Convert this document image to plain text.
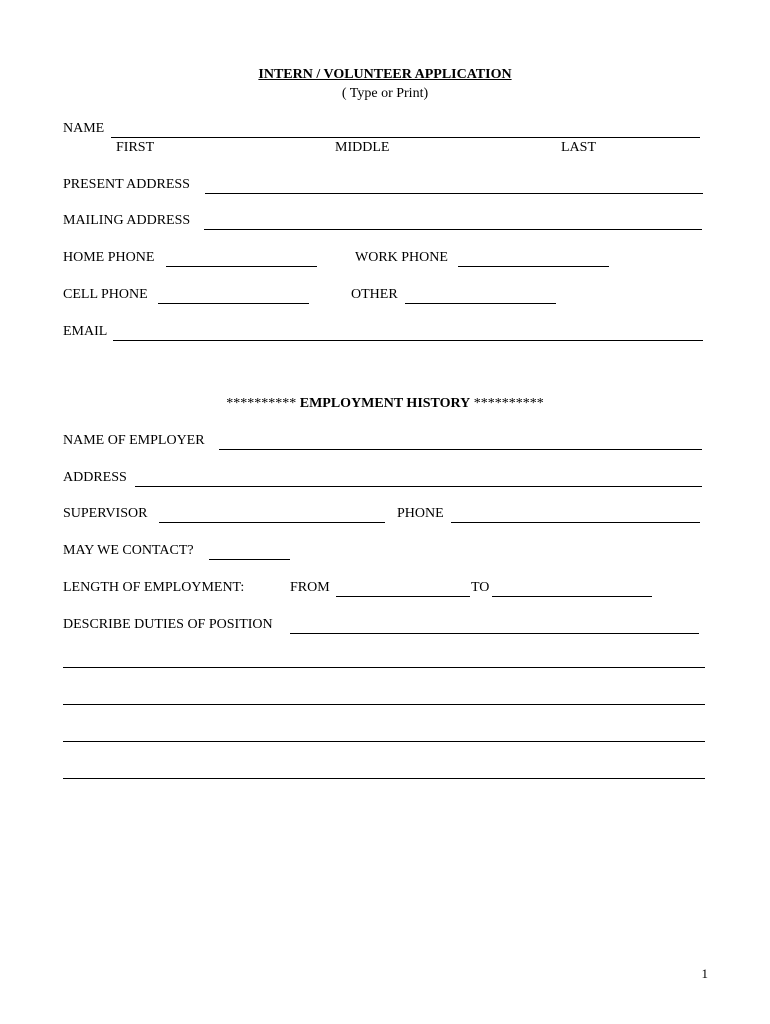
INTERN / VOLUNTEER APPLICATION
( Type or Print)
NAME
FIRST	MIDDLE	LAST
PRESENT ADDRESS
MAILING ADDRESS
HOME PHONE	WORK PHONE
CELL PHONE	OTHER
EMAIL
********** EMPLOYMENT HISTORY **********
NAME OF EMPLOYER
ADDRESS
SUPERVISOR	PHONE
MAY WE CONTACT?
LENGTH OF EMPLOYMENT:	FROM	TO
DESCRIBE DUTIES OF POSITION
1
